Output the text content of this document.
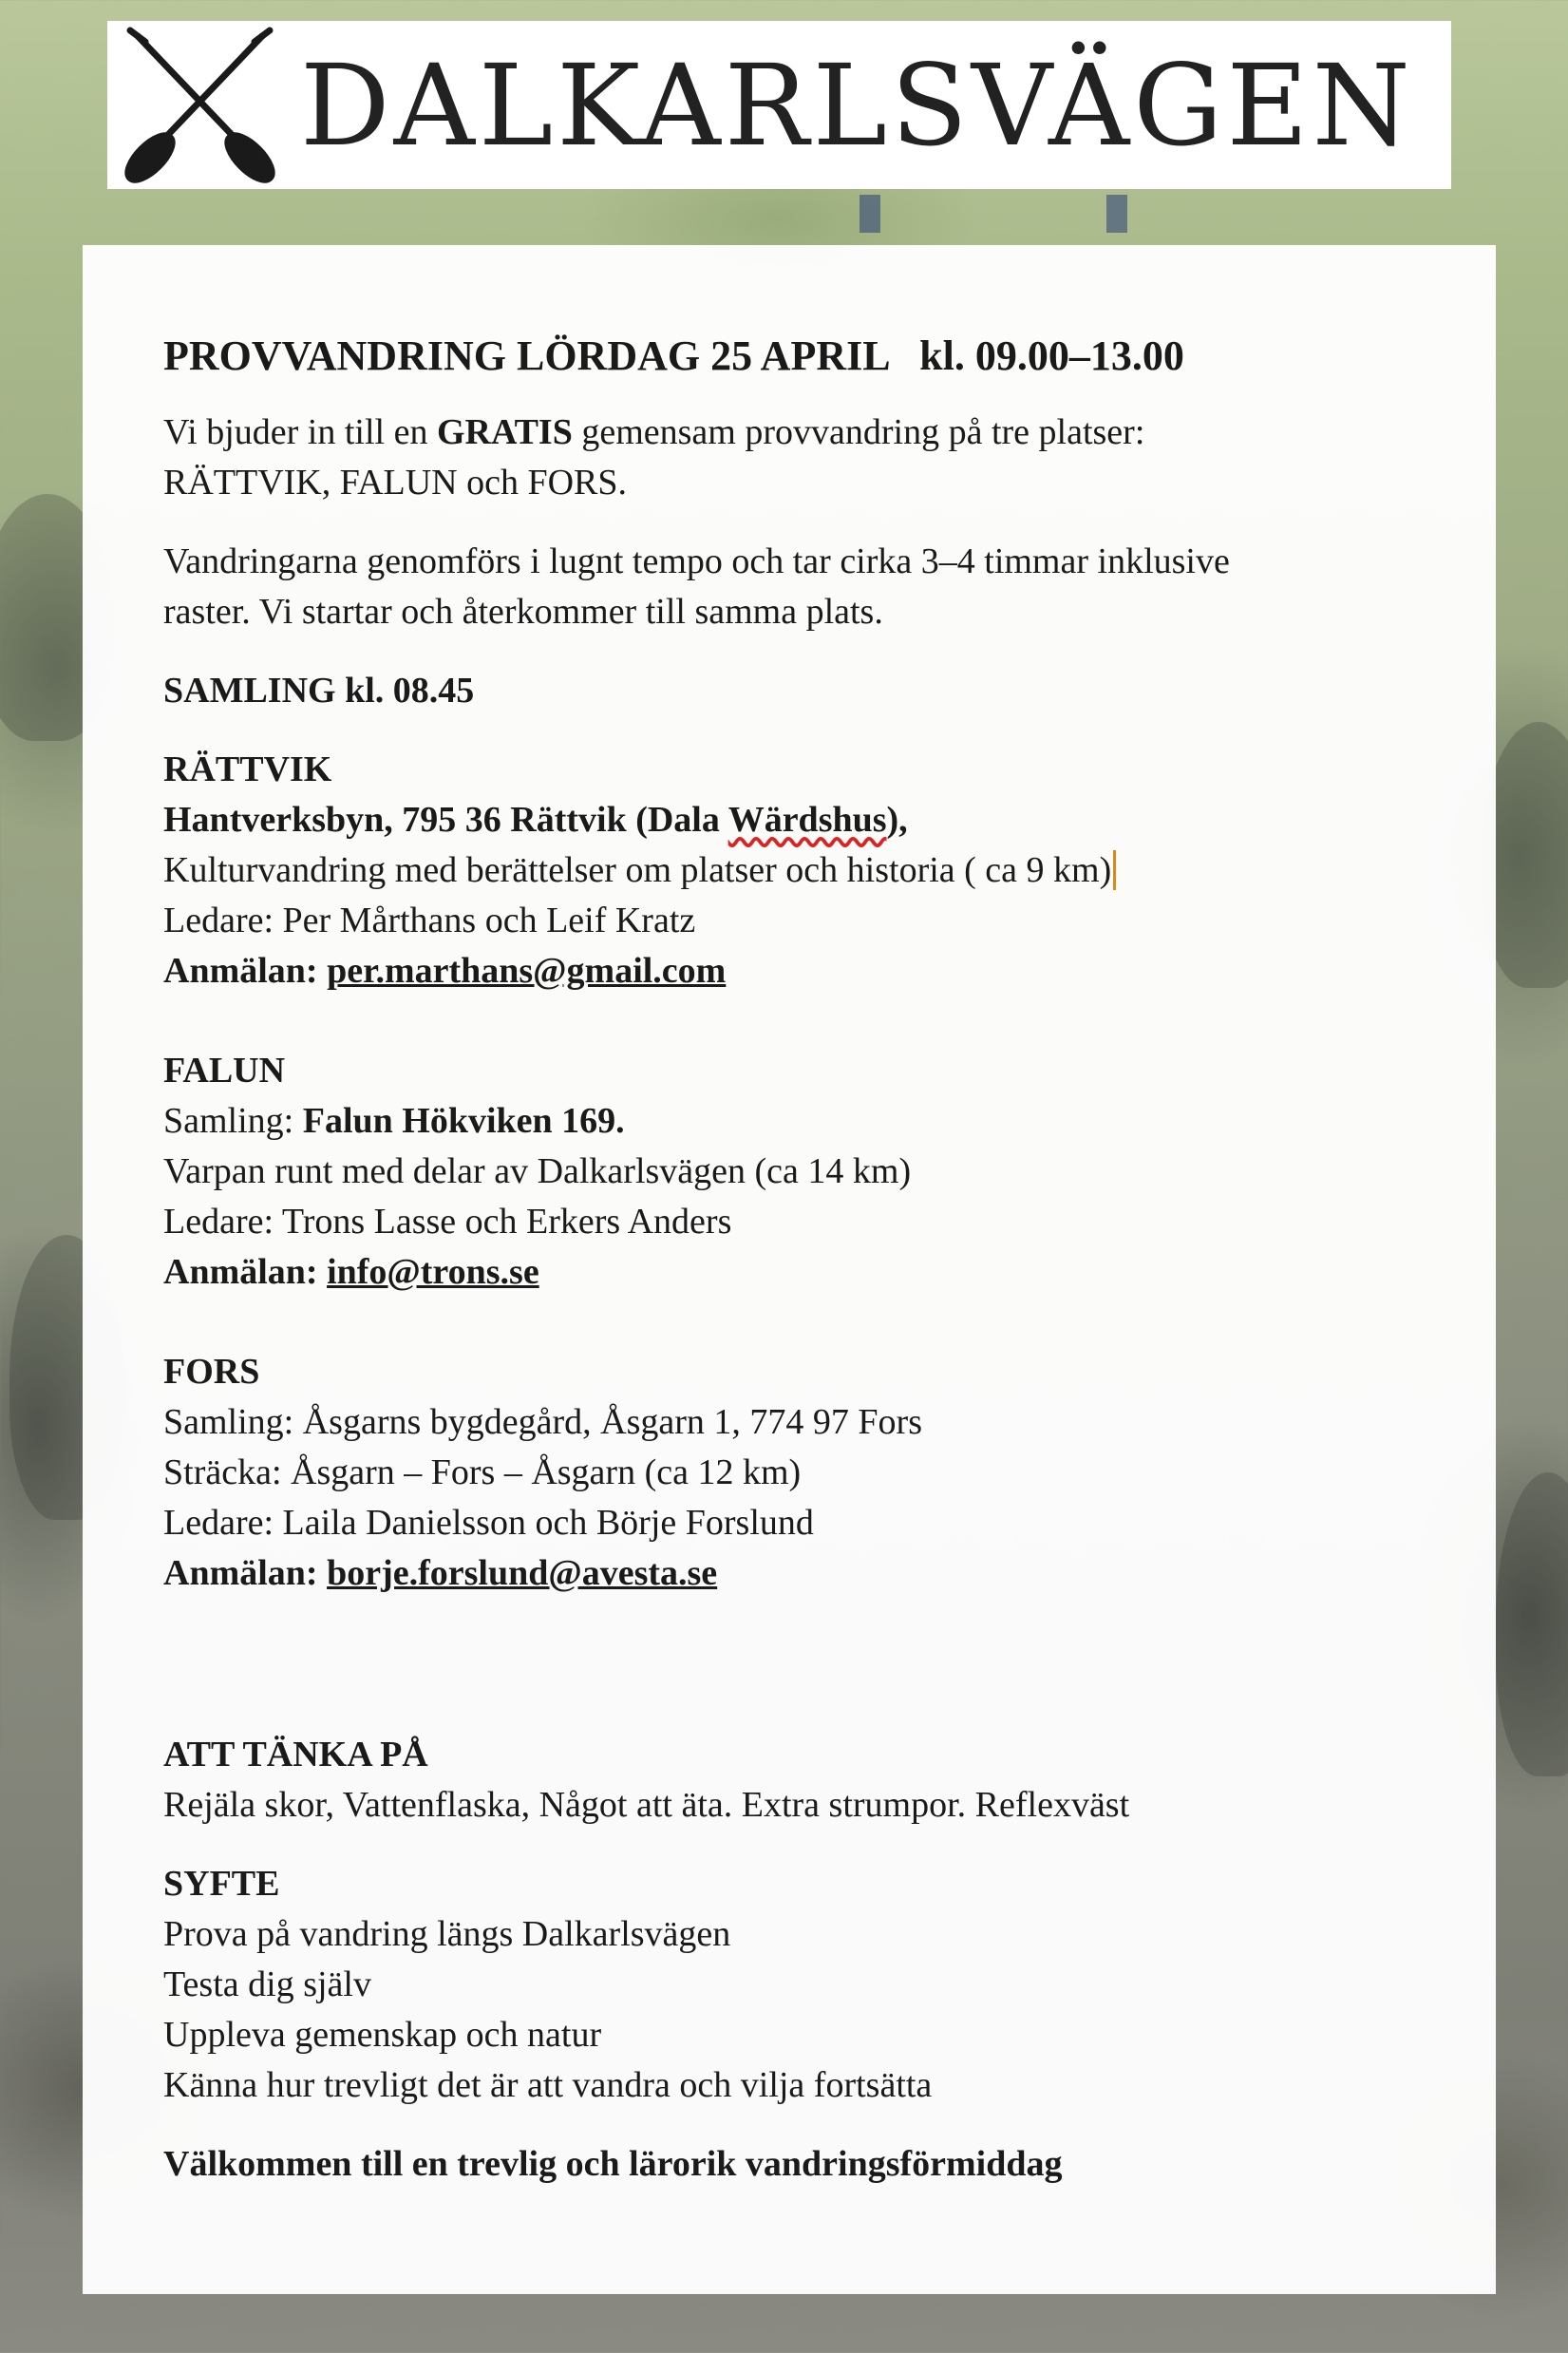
DALKARLSVÄGEN

PROVVANDRING LÖRDAG 25 APRIL kl. 09.00–13.00

Vi bjuder in till en GRATIS gemensam provvandring på tre platser:

RÄTTVIK, FALUN och FORS.

Vandringarna genomförs i lugnt tempo och tar cirka 3–4 timmar inklusive

raster. Vi startar och återkommer till samma plats.

SAMLING kl. 08.45

RÄTTVIK

Hantverksbyn, 795 36 Rättvik (Dala Wärdshus),

Kulturvandring med berättelser om platser och historia ( ca 9 km)

Ledare: Per Mårthans och Leif Kratz

Anmälan: per.marthans@gmail.com

FALUN

Samling: Falun Hökviken 169.

Varpan runt med delar av Dalkarlsvägen (ca 14 km)

Ledare: Trons Lasse och Erkers Anders

Anmälan: info@trons.se

FORS

Samling: Åsgarns bygdegård, Åsgarn 1, 774 97 Fors

Sträcka: Åsgarn – Fors – Åsgarn (ca 12 km)

Ledare: Laila Danielsson och Börje Forslund

Anmälan: borje.forslund@avesta.se

ATT TÄNKA PÅ

Rejäla skor, Vattenflaska, Något att äta. Extra strumpor. Reflexväst

SYFTE

Prova på vandring längs Dalkarlsvägen

Testa dig själv

Uppleva gemenskap och natur

Känna hur trevligt det är att vandra och vilja fortsätta

Välkommen till en trevlig och lärorik vandringsförmiddag
